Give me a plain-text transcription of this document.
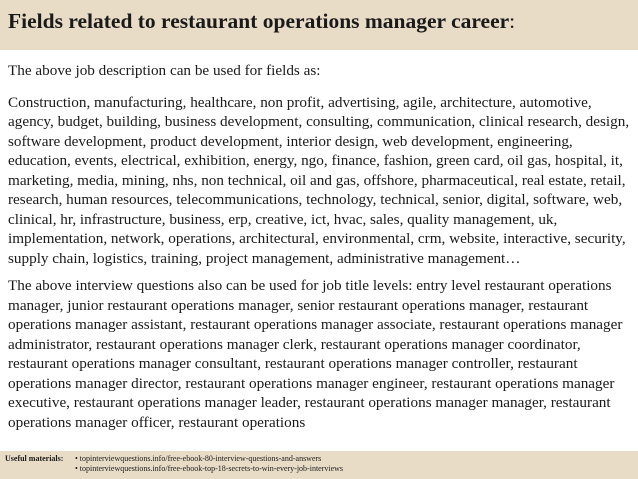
Fields related to restaurant operations manager career:

The above job description can be used for fields as:

Construction, manufacturing, healthcare, non profit, advertising, agile, architecture, automotive, agency, budget, building, business development, consulting, communication, clinical research, design, software development, product development, interior design, web development, engineering, education, events, electrical, exhibition, energy, ngo, finance, fashion, green card, oil gas, hospital, it, marketing, media, mining, nhs, non technical, oil and gas, offshore, pharmaceutical, real estate, retail, research, human resources, telecommunications, technology, technical, senior, digital, software, web, clinical, hr, infrastructure, business, erp, creative, ict, hvac, sales, quality management, uk, implementation, network, operations, architectural, environmental, crm, website, interactive, security, supply chain, logistics, training, project management, administrative management…

The above interview questions also can be used for job title levels: entry level restaurant operations manager, junior restaurant operations manager, senior restaurant operations manager, restaurant operations manager assistant, restaurant operations manager associate, restaurant operations manager administrator, restaurant operations manager clerk, restaurant operations manager coordinator, restaurant operations manager consultant, restaurant operations manager controller, restaurant operations manager director, restaurant operations manager engineer, restaurant operations manager executive, restaurant operations manager leader, restaurant operations manager manager, restaurant operations manager officer, restaurant operations

Useful materials: • topinterviewquestions.info/free-ebook-80-interview-questions-and-answers
• topinterviewquestions.info/free-ebook-top-18-secrets-to-win-every-job-interviews
